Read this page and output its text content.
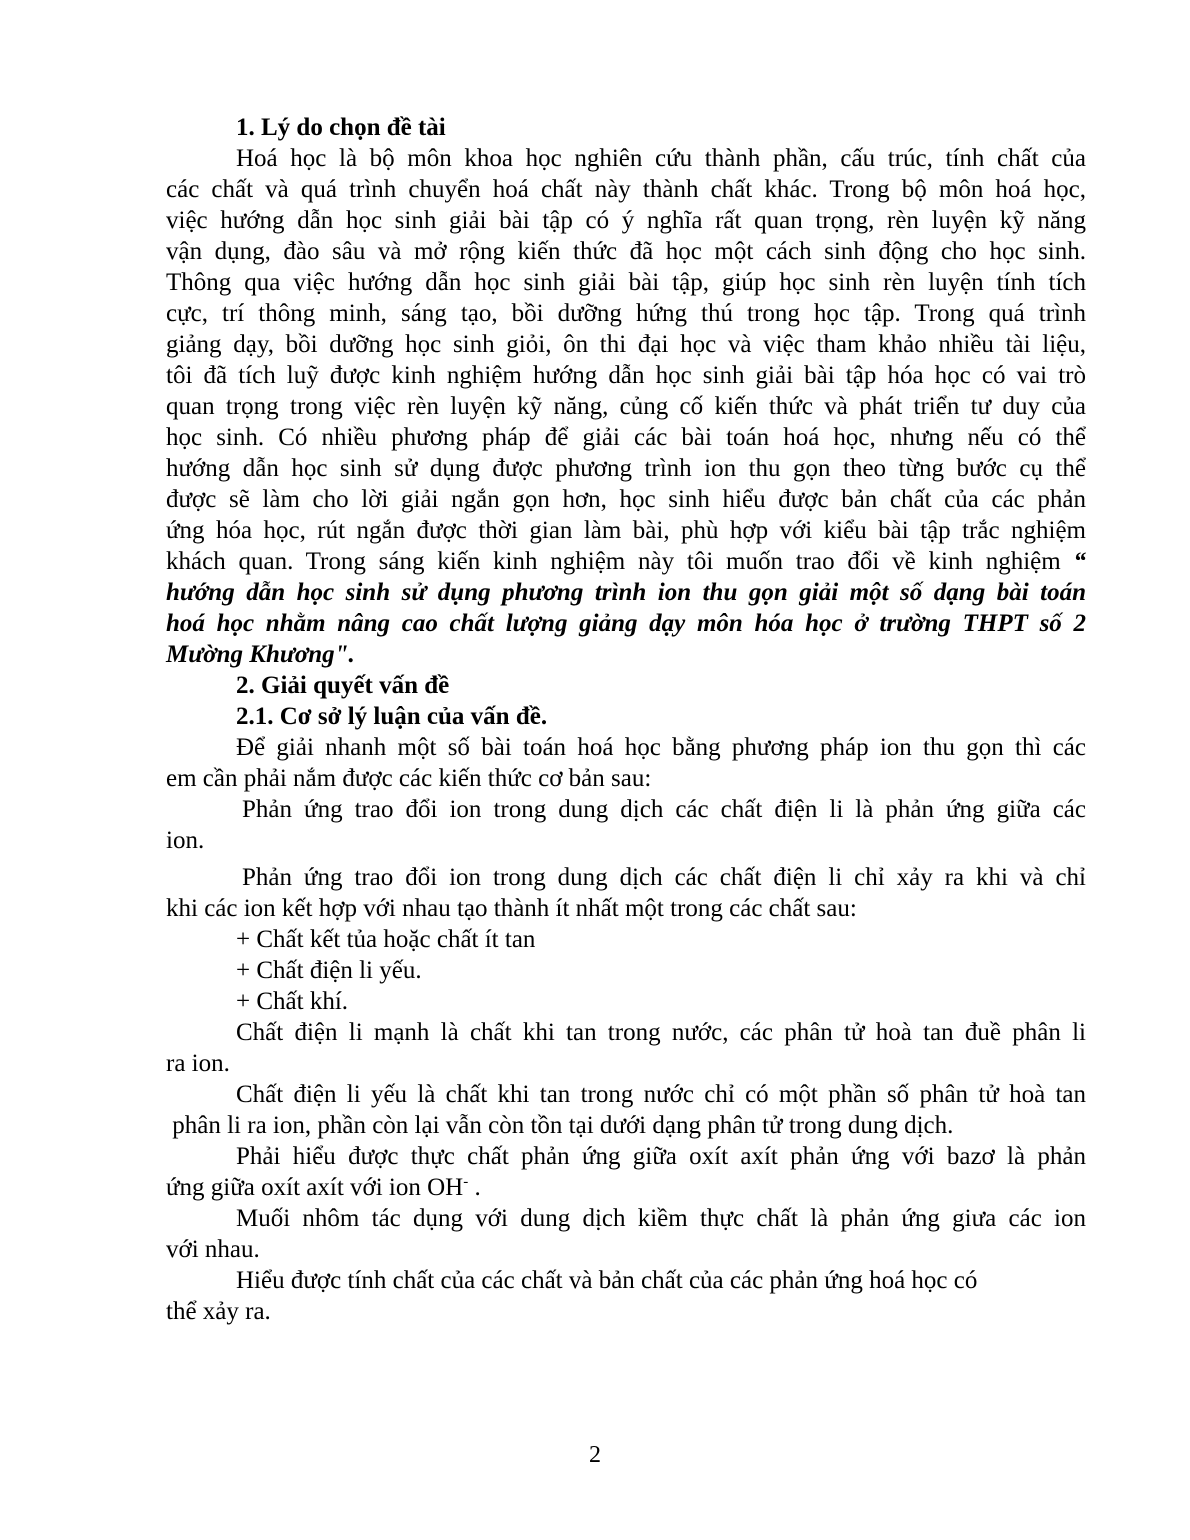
1. Lý do chọn đề tài
Hoá học là bộ môn khoa học nghiên cứu thành phần, cấu trúc, tính chất của
các chất và quá trình chuyển hoá chất này thành chất khác. Trong bộ môn hoá học,
việc hướng dẫn học sinh giải bài tập có ý nghĩa rất quan trọng, rèn luyện kỹ năng
vận dụng, đào sâu và mở rộng kiến thức đã học một cách sinh động cho học sinh.
Thông qua việc hướng dẫn học sinh giải bài tập, giúp học sinh rèn luyện tính tích
cực, trí thông minh, sáng tạo, bồi dưỡng hứng thú trong học tập. Trong quá trình
giảng dạy, bồi dưỡng học sinh giỏi, ôn thi đại học và việc tham khảo nhiều tài liệu,
tôi đã tích luỹ được kinh nghiệm hướng dẫn học sinh giải bài tập hóa học có vai trò
quan trọng trong việc rèn luyện kỹ năng, củng cố kiến thức và phát triển tư duy của
học sinh. Có nhiều phương pháp để giải các bài toán hoá học, nhưng nếu có thể
hướng dẫn học sinh sử dụng được phương trình ion thu gọn theo từng bước cụ thể
được sẽ làm cho lời giải ngắn gọn hơn, học sinh hiểu được bản chất của các phản
ứng hóa học, rút ngắn được thời gian làm bài, phù hợp với kiểu bài tập trắc nghiệm
khách quan. Trong sáng kiến kinh nghiệm này tôi muốn trao đổi về kinh nghiệm “
hướng dẫn học sinh sử dụng phương trình ion thu gọn giải một số dạng bài toán
hoá học nhằm nâng cao chất lượng giảng dạy môn hóa học ở trường THPT số 2
Mường Khương".
2. Giải quyết vấn đề
2.1. Cơ sở lý luận của vấn đề.
Để giải nhanh một số bài toán hoá học bằng phương pháp ion thu gọn thì các
em cần phải nắm được các kiến thức cơ bản sau:
Phản ứng trao đổi ion trong dung dịch các chất điện li là phản ứng giữa các
ion.
Phản ứng trao đổi ion trong dung dịch các chất điện li chỉ xảy ra khi và chỉ
khi các ion kết hợp với nhau tạo thành ít nhất một trong các chất sau:
+ Chất kết tủa hoặc chất ít tan
+ Chất điện li yếu.
+ Chất khí.
Chất điện li mạnh là chất khi tan trong nước, các phân tử hoà tan đuề phân li
ra ion.
Chất điện li yếu là chất khi tan trong nước chỉ có một phần số phân tử hoà tan
phân li ra ion, phần còn lại vẫn còn tồn tại dưới dạng phân tử trong dung dịch.
Phải hiểu được thực chất phản ứng giữa oxít axít phản ứng với bazơ là phản
ứng giữa oxít axít với ion OH- .
Muối nhôm tác dụng với dung dịch kiềm thực chất là phản ứng giưa các ion
với nhau.
Hiểu được tính chất của các chất và bản chất của các phản ứng hoá học có
thể xảy ra.
2
